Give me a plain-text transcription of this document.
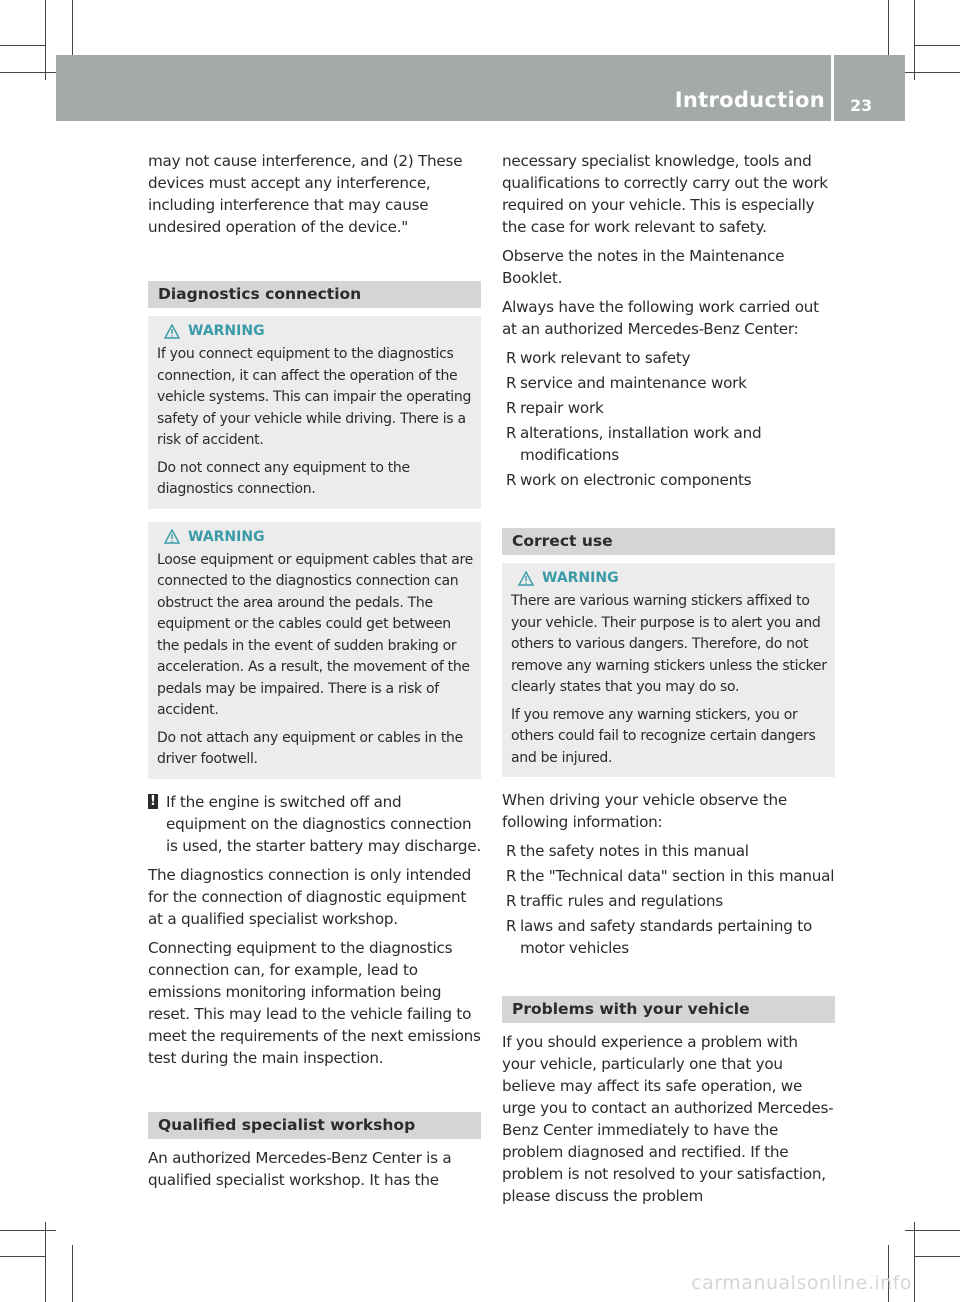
Introduction 23

may not cause interference, and (2) These devices must accept any interference, including interference that may cause undesired operation of the device."

Diagnostics connection
WARNING

If you connect equipment to the diagnostics connection, it can affect the operation of the vehicle systems. This can impair the operating safety of your vehicle while driving. There is a risk of accident.

Do not connect any equipment to the diagnostics connection.

WARNING

Loose equipment or equipment cables that are connected to the diagnostics connection can obstruct the area around the pedals. The equipment or the cables could get between the pedals in the event of sudden braking or acceleration. As a result, the movement of the pedals may be impaired. There is a risk of accident.

Do not attach any equipment or cables in the driver footwell.

! If the engine is switched off and equipment on the diagnostics connection is used, the starter battery may discharge.

The diagnostics connection is only intended for the connection of diagnostic equipment at a qualified specialist workshop.

Connecting equipment to the diagnostics connection can, for example, lead to emissions monitoring information being reset. This may lead to the vehicle failing to meet the requirements of the next emissions test during the main inspection.

Qualified specialist workshop

An authorized Mercedes-Benz Center is a qualified specialist workshop. It has the

necessary specialist knowledge, tools and qualifications to correctly carry out the work required on your vehicle. This is especially the case for work relevant to safety.

Observe the notes in the Maintenance Booklet.

Always have the following work carried out at an authorized Mercedes-Benz Center:

R work relevant to safety
R service and maintenance work
R repair work
R alterations, installation work and modifications
R work on electronic components
Correct use
WARNING

There are various warning stickers affixed to your vehicle. Their purpose is to alert you and others to various dangers. Therefore, do not remove any warning stickers unless the sticker clearly states that you may do so.

If you remove any warning stickers, you or others could fail to recognize certain dangers and be injured.

When driving your vehicle observe the following information:

R the safety notes in this manual
R the "Technical data" section in this manual
R traffic rules and regulations
R laws and safety standards pertaining to motor vehicles
Problems with your vehicle

If you should experience a problem with your vehicle, particularly one that you believe may affect its safe operation, we urge you to contact an authorized Mercedes-Benz Center immediately to have the problem diagnosed and rectified. If the problem is not resolved to your satisfaction, please discuss the problem

carmanualsonline.info
